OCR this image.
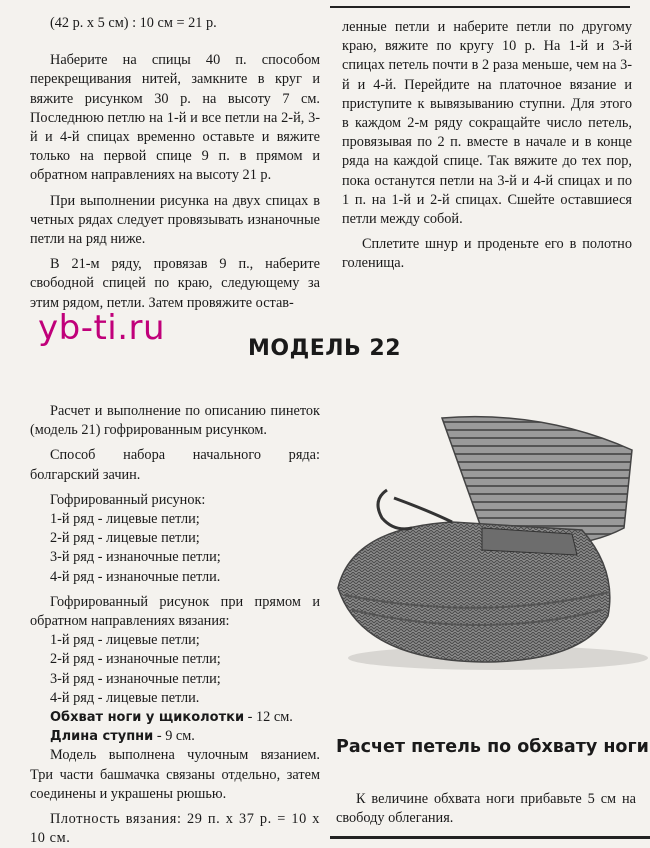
(42 р. х 5 см) : 10 см = 21 р.

Наберите на спицы 40 п. способом перекрещивания нитей, замкните в круг и вяжите рисунком 30 р. на высоту 7 см. Последнюю петлю на 1-й и все петли на 2-й, 3-й и 4-й спицах временно оставьте и вяжите только на первой спице 9 п. в прямом и обратном направлениях на высоту 21 р.

При выполнении рисунка на двух спицах в четных рядах следует провязывать изнаночные петли на ряд ниже.

В 21-м ряду, провязав 9 п., наберите свободной спицей по краю, следующему за этим рядом, петли. Затем провяжите остав-

ленные петли и наберите петли по другому краю, вяжите по кругу 10 р. На 1-й и 3-й спицах петель почти в 2 раза меньше, чем на 3-й и 4-й. Перейдите на платочное вязание и приступите к вывязыванию ступни. Для этого в каждом 2-м ряду сокращайте число петель, провязывая по 2 п. вместе в начале и в конце ряда на каждой спице. Так вяжите до тех пор, пока останутся петли на 3-й и 4-й спицах и по 1 п. на 1-й и 2-й спицах. Сшейте оставшиеся петли между собой.

Сплетите шнур и проденьте его в полотно голенища.

yb-ti.ru
МОДЕЛЬ 22

Расчет и выполнение по описанию пинеток (модель 21) гофрированным рисунком.

Способ набора начального ряда: болгарский зачин.

Гофрированный рисунок:

1-й ряд - лицевые петли;

2-й ряд - лицевые петли;

3-й ряд - изнаночные петли;

4-й ряд - изнаночные петли.

Гофрированный рисунок при прямом и обратном направлениях вязания:

1-й ряд - лицевые петли;

2-й ряд - изнаночные петли;

3-й ряд - изнаночные петли;

4-й ряд - лицевые петли.

Обхват ноги у щиколотки - 12 см.

Длина ступни - 9 см.

Модель выполнена чулочным вязанием. Три части башмачка связаны отдельно, затем соединены и украшены рюшью.

Плотность вязания: 29 п. х 37 р. = 10 х 10 см.

Расчет петель по обхвату ноги

К величине обхвата ноги прибавьте 5 см на свободу облегания.
